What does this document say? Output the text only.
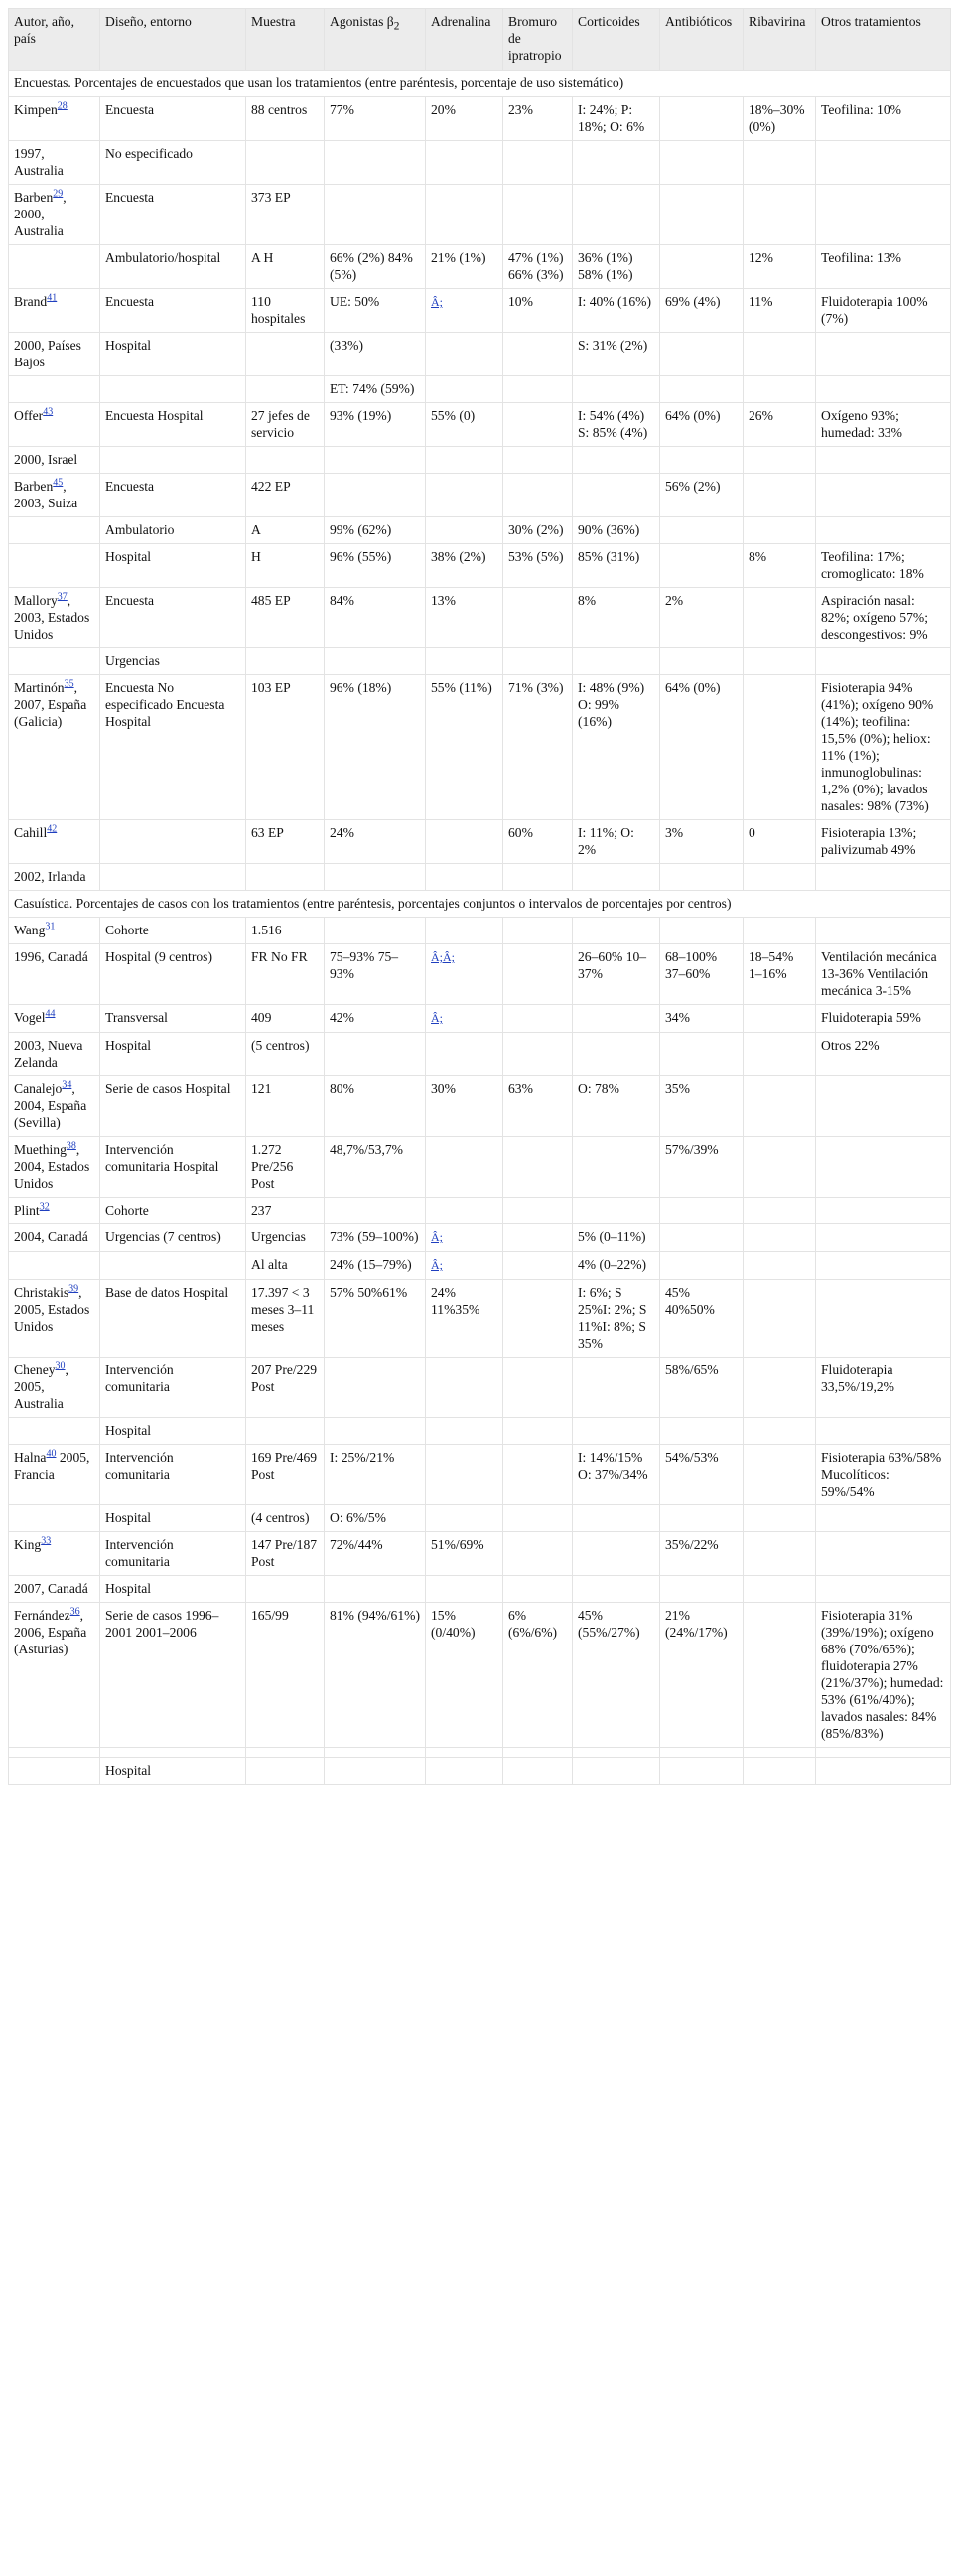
Autor, año, país	Diseño, entorno	Muestra	Agonistas $\beta_2$	Adrenalina	Bromuro de ipratropio	Corticoides	Antibióticos	Ribavirina	Otros tratamientos
Encuestas. Porcentajes de encuestados que usan los tratamientos (entre paréntesis, porcentaje de uso sistemático)									
Kimpen$^{28}$	Encuesta	88 centros	77%	20%	23%	I: 24%; P: 18%; O: 6%		18%–30% (0%)	Teofilina: 10%
1997, Australia	No especificado								
Barben$^{29}$, 2000, Australia	Encuesta	373 EP							
	Ambulatorio/hospital	A H	66% (2%) 84% (5%)	21% (1%)	47% (1%) 66% (3%)	36% (1%) 58% (1%)		12%	Teofilina: 13%
Brand$^{41}$	Encuesta	110 hospitales	UE: 50%	Â;	10%	I: 40% (16%)	69% (4%)	11%	Fluidoterapia 100% (7%)
2000, Países Bajos	Hospital		(33%)			S: 31% (2%)			
			ET: 74% (59%)						
Offer$^{43}$	Encuesta Hospital	27 jefes de servicio	93% (19%)	55% (0)		I: 54% (4%) S: 85% (4%)	64% (0%)	26%	Oxígeno 93%; humedad: 33%
2000, Israel									
Barben$^{45}$, 2003, Suiza	Encuesta	422 EP					56% (2%)		
	Ambulatorio	A	99% (62%)		30% (2%)	90% (36%)			
	Hospital	H	96% (55%)	38% (2%)	53% (5%)	85% (31%)		8%	Teofilina: 17%; cromoglicato: 18%
Mallory$^{37}$, 2003, Estados Unidos	Encuesta	485 EP	84%	13%		8%	2%		Aspiración nasal: 82%; oxígeno 57%; descongestivos: 9%
	Urgencias								
Martinón$^{35}$, 2007, España (Galicia)	Encuesta No especificado Encuesta Hospital	103 EP	96% (18%)	55% (11%)	71% (3%)	I: 48% (9%) O: 99% (16%)	64% (0%)		Fisioterapia 94% (41%); oxígeno 90% (14%); teofilina: 15,5% (0%); heliox: 11% (1%); inmunoglobulinas: 1,2% (0%); lavados nasales: 98% (73%)
Cahill$^{42}$		63 EP	24%		60%	I: 11%; O: 2%	3%	0	Fisioterapia 13%; palivizumab 49%
2002, Irlanda									
Casuística. Porcentajes de casos con los tratamientos (entre paréntesis, porcentajes conjuntos o intervalos de porcentajes por centros)									
Wang$^{31}$	Cohorte	1.516							
1996, Canadá	Hospital (9 centros)	FR No FR	75–93% 75–93%	Â;Â;		26–60% 10–37%	68–100% 37–60%	18–54% 1–16%	Ventilación mecánica 13-36% Ventilación mecánica 3-15%
Vogel$^{44}$	Transversal	409	42%	Â;			34%		Fluidoterapia 59%
2003, Nueva Zelanda	Hospital	(5 centros)							Otros 22%
Canalejo$^{34}$, 2004, España (Sevilla)	Serie de casos Hospital	121	80%	30%	63%	O: 78%	35%		
Muething$^{38}$, 2004, Estados Unidos	Intervención comunitaria Hospital	1.272 Pre/256 Post	48,7%/53,7%				57%/39%		
Plint$^{32}$	Cohorte	237							
2004, Canadá	Urgencias (7 centros)	Urgencias	73% (59–100%)	Â;		5% (0–11%)			
		Al alta	24% (15–79%)	Â;		4% (0–22%)			
Christakis$^{39}$, 2005, Estados Unidos	Base de datos Hospital	17.397 < 3 meses 3–11 meses	57% 50%61%	24% 11%35%		I: 6%; S 25%I: 2%; S 11%I: 8%; S 35%	45% 40%50%		
Cheney$^{30}$, 2005, Australia	Intervención comunitaria	207 Pre/229 Post					58%/65%		Fluidoterapia 33,5%/19,2%
	Hospital								
Halna$^{40}$ 2005, Francia	Intervención comunitaria	169 Pre/469 Post	I: 25%/21%			I: 14%/15% O: 37%/34%	54%/53%		Fisioterapia 63%/58% Mucolíticos: 59%/54%
	Hospital	(4 centros)	O: 6%/5%						
King$^{33}$	Intervención comunitaria	147 Pre/187 Post	72%/44%	51%/69%			35%/22%		
2007, Canadá	Hospital								
Fernández$^{36}$, 2006, España (Asturias)	Serie de casos 1996–2001 2001–2006	165/99	81% (94%/61%)	15% (0/40%)	6% (6%/6%)	45% (55%/27%)	21% (24%/17%)		Fisioterapia 31% (39%/19%); oxígeno 68% (70%/65%); fluidoterapia 27% (21%/37%); humedad: 53% (61%/40%); lavados nasales: 84% (85%/83%)

	Hospital								
